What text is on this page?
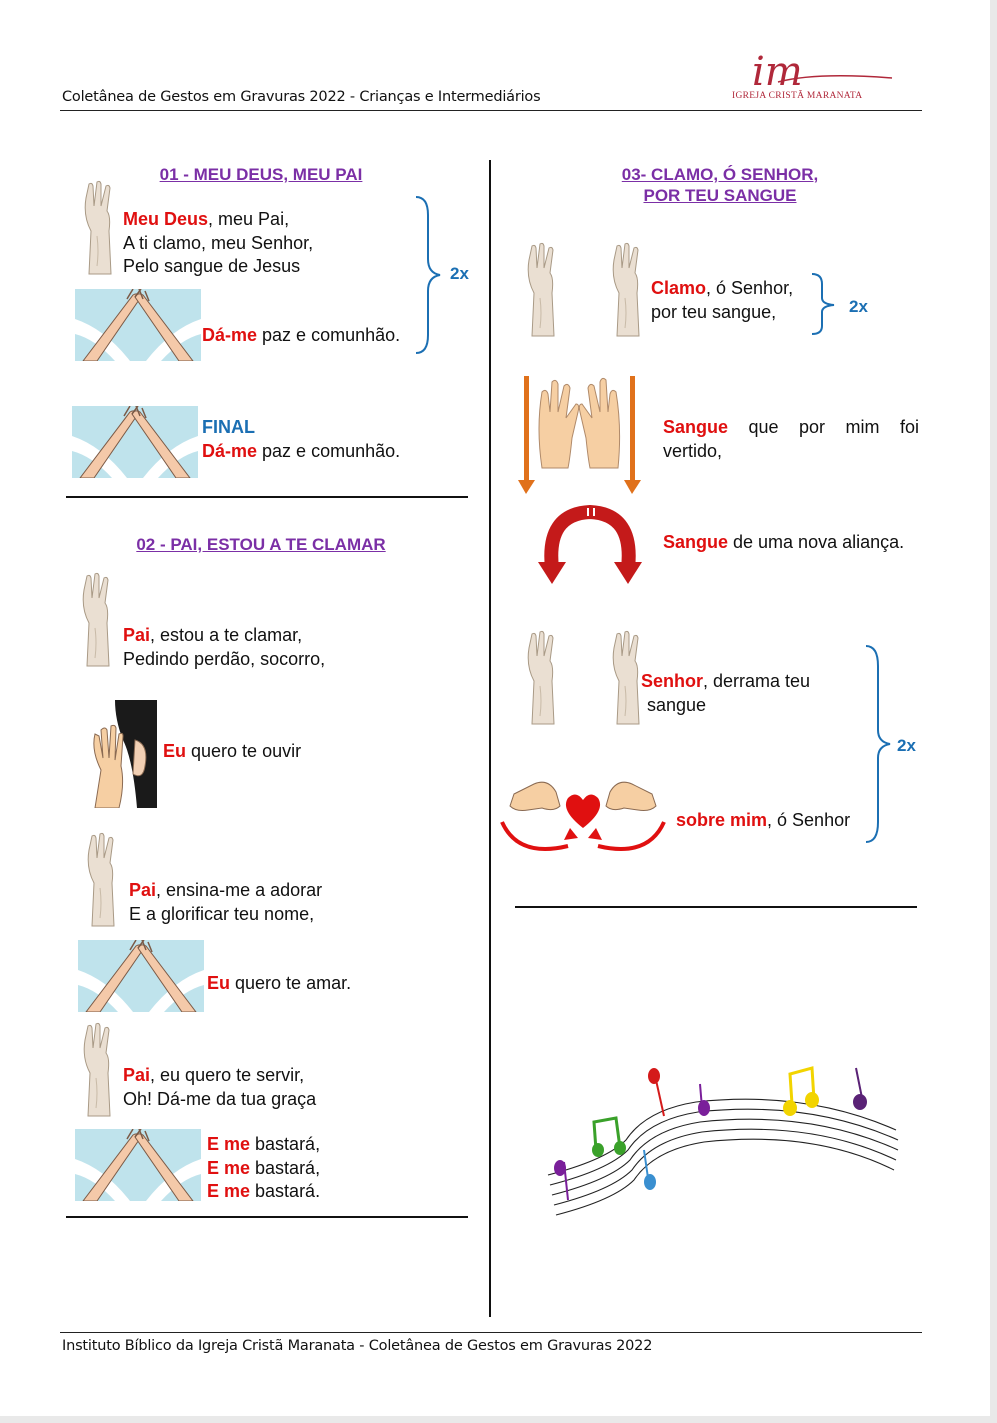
Coletânea de Gestos em Gravuras 2022 - Crianças e Intermediários
im
IGREJA CRISTÃ MARANATA
01 - MEU DEUS, MEU PAI
Meu Deus, meu Pai,
A ti clamo, meu Senhor,
Pelo sangue de Jesus
Dá-me paz e comunhão.
2x
FINAL
Dá-me paz e comunhão.
02 - PAI, ESTOU A TE CLAMAR
Pai, estou a te clamar,
Pedindo perdão, socorro,
Eu quero te ouvir
Pai, ensina-me a adorar
E a glorificar teu nome,
Eu quero te amar.
Pai, eu quero te servir,
Oh! Dá-me da tua graça
E me bastará,
E me bastará,
E me bastará.
03- CLAMO, Ó SENHOR,
POR TEU SANGUE
Clamo, ó Senhor,
por teu sangue,	2x
Sangue que por mim foi vertido,
Sangue de uma nova aliança.
Senhor, derrama teu
sangue
sobre mim, ó Senhor
2x
Instituto Bíblico da Igreja Cristã Maranata - Coletânea de Gestos em Gravuras 2022
